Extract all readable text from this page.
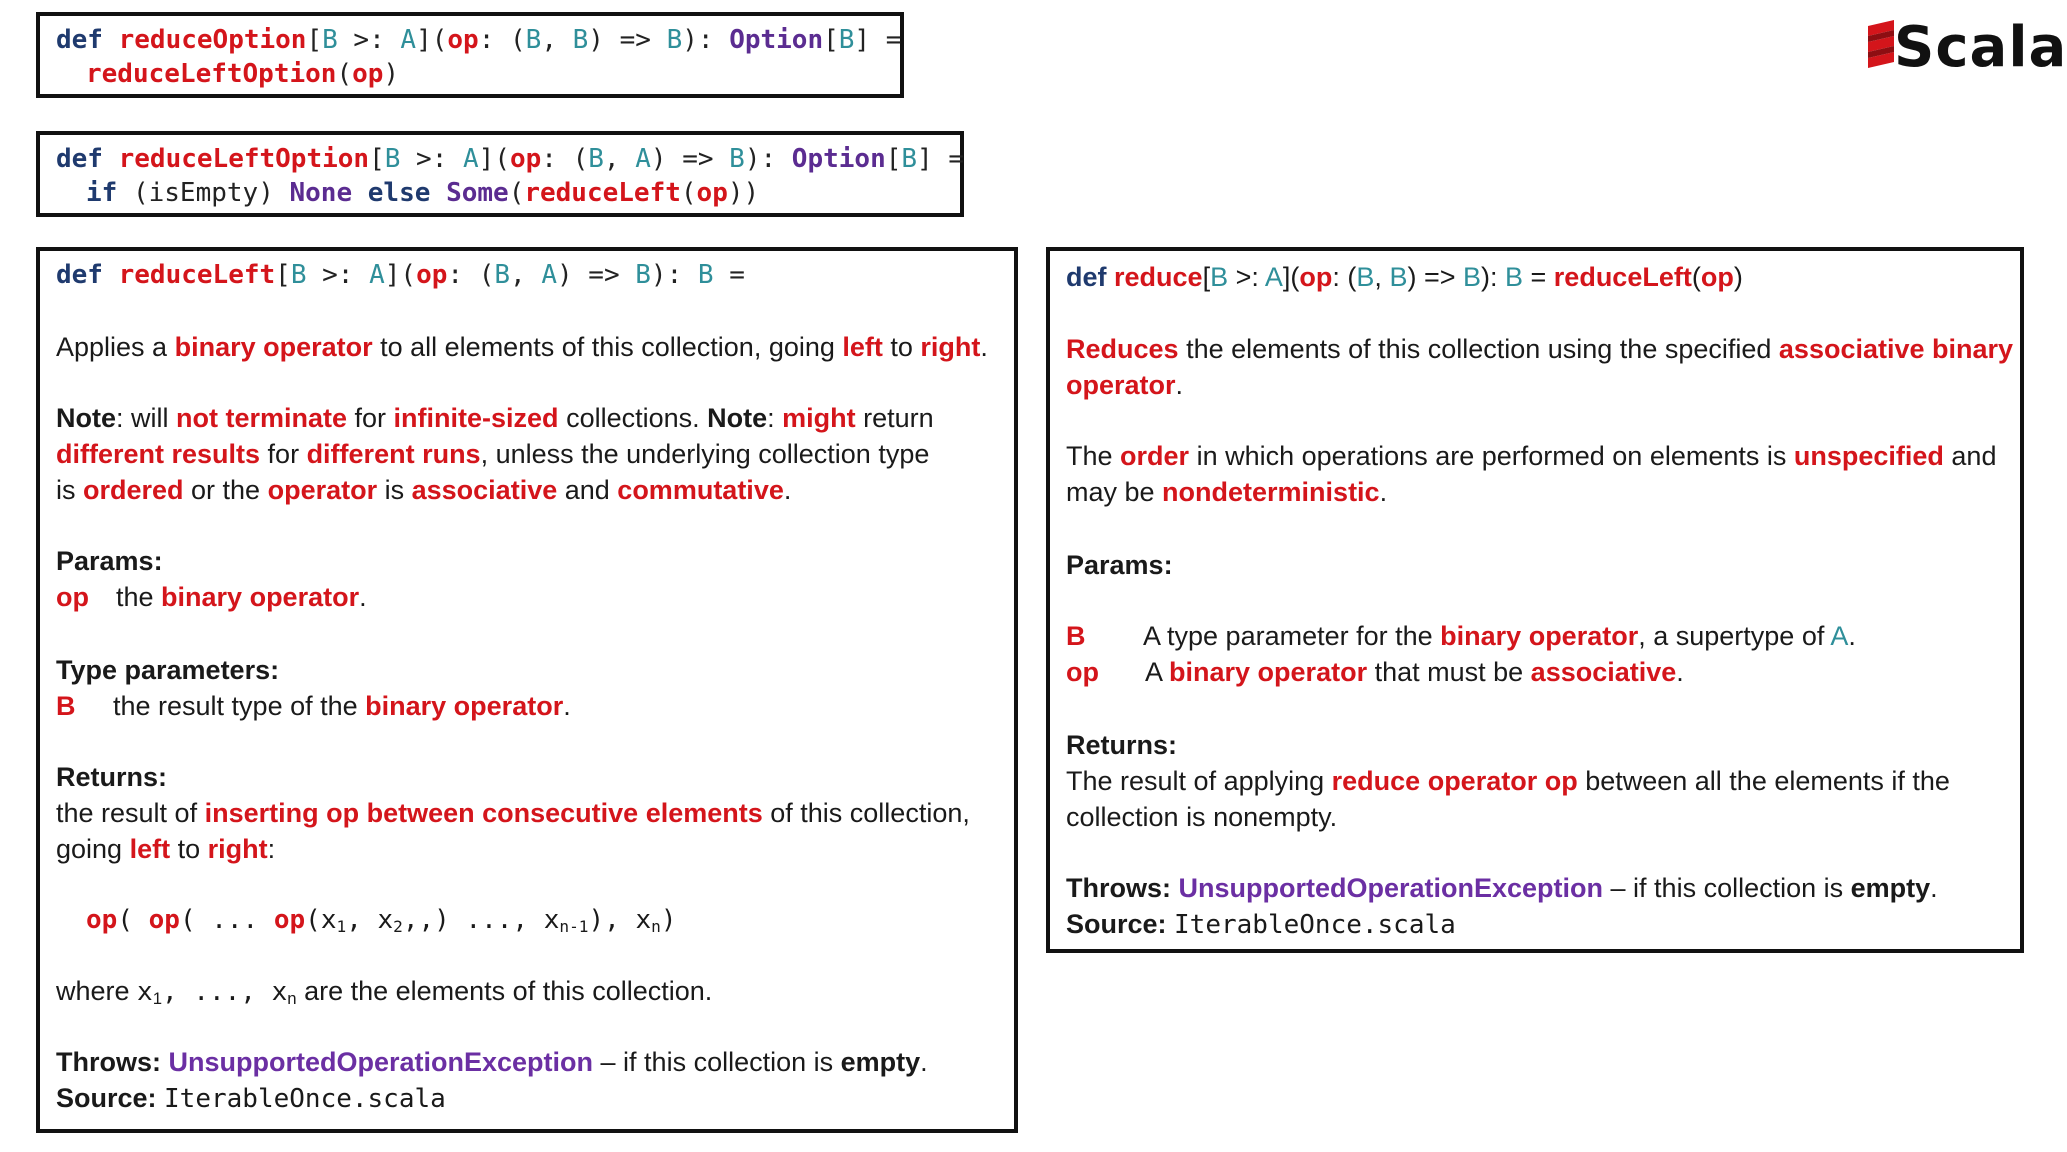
Scala
def reduceOption[B >: A](op: (B, B) => B): Option[B] =
reduceLeftOption(op)
def reduceLeftOption[B >: A](op: (B, A) => B): Option[B] =
if (isEmpty) None else Some(reduceLeft(op))
def reduceLeft[B >: A](op: (B, A) => B): B =
Applies a binary operator to all elements of this collection, going left to right.
Note: will not terminate for infinite-sized collections. Note: might return
different results for different runs, unless the underlying collection type
is ordered or the operator is associative and commutative.
Params:
op the binary operator.
Type parameters:
B the result type of the binary operator.
Returns:
the result of inserting op between consecutive elements of this collection,
going left to right:
op( op( ... $op(x_1$, $x_2$,,) ..., $x_{n-1}$), $x_n$)
where $x_1$, ..., $x_n$ are the elements of this collection.
Throws: UnsupportedOperationException – if this collection is empty.
Source: IterableOnce.scala
def reduce[B >: A](op: (B, B) => B): B = reduceLeft(op)
Reduces the elements of this collection using the specified associative binary
operator.
The order in which operations are performed on elements is unspecified and
may be nondeterministic.
Params:
B A type parameter for the binary operator, a supertype of A.
op A binary operator that must be associative.
Returns:
The result of applying reduce operator op between all the elements if the
collection is nonempty.
Throws: UnsupportedOperationException – if this collection is empty.
Source: IterableOnce.scala
